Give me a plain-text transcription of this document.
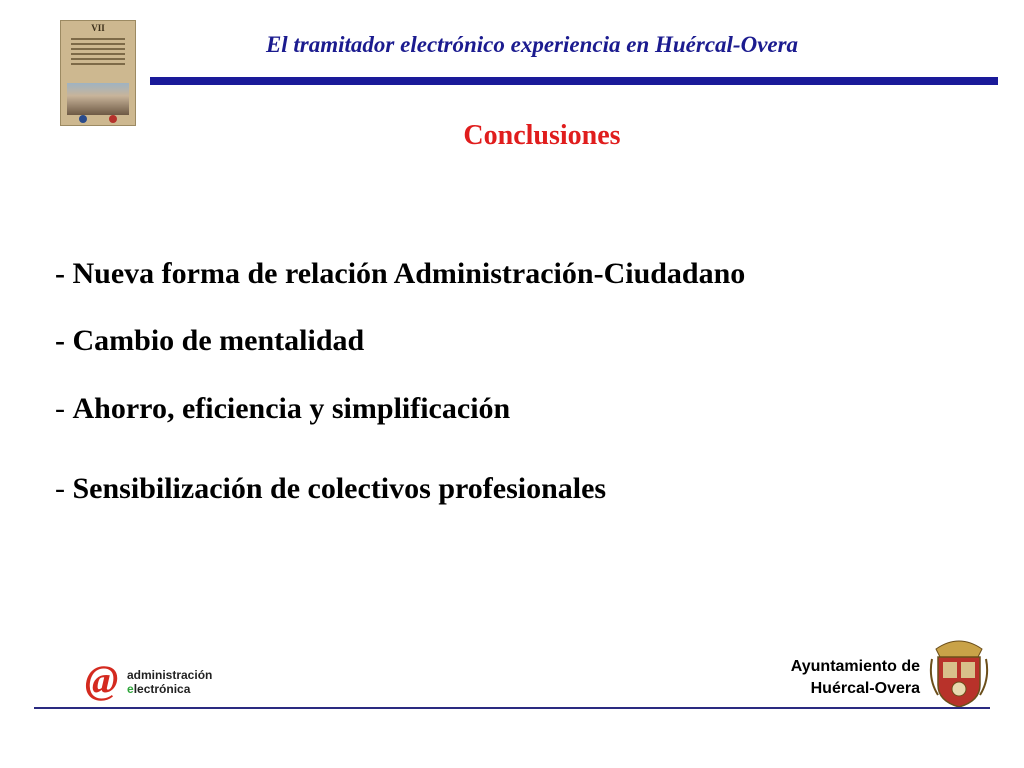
VII
El tramitador electrónico experiencia en Huércal-Overa
Conclusiones
- Nueva forma de relación Administración-Ciudadano
- Cambio de mentalidad
- Ahorro, eficiencia y simplificación
- Sensibilización de colectivos profesionales
@ administración
electrónica
Ayuntamiento de
Huércal-Overa
